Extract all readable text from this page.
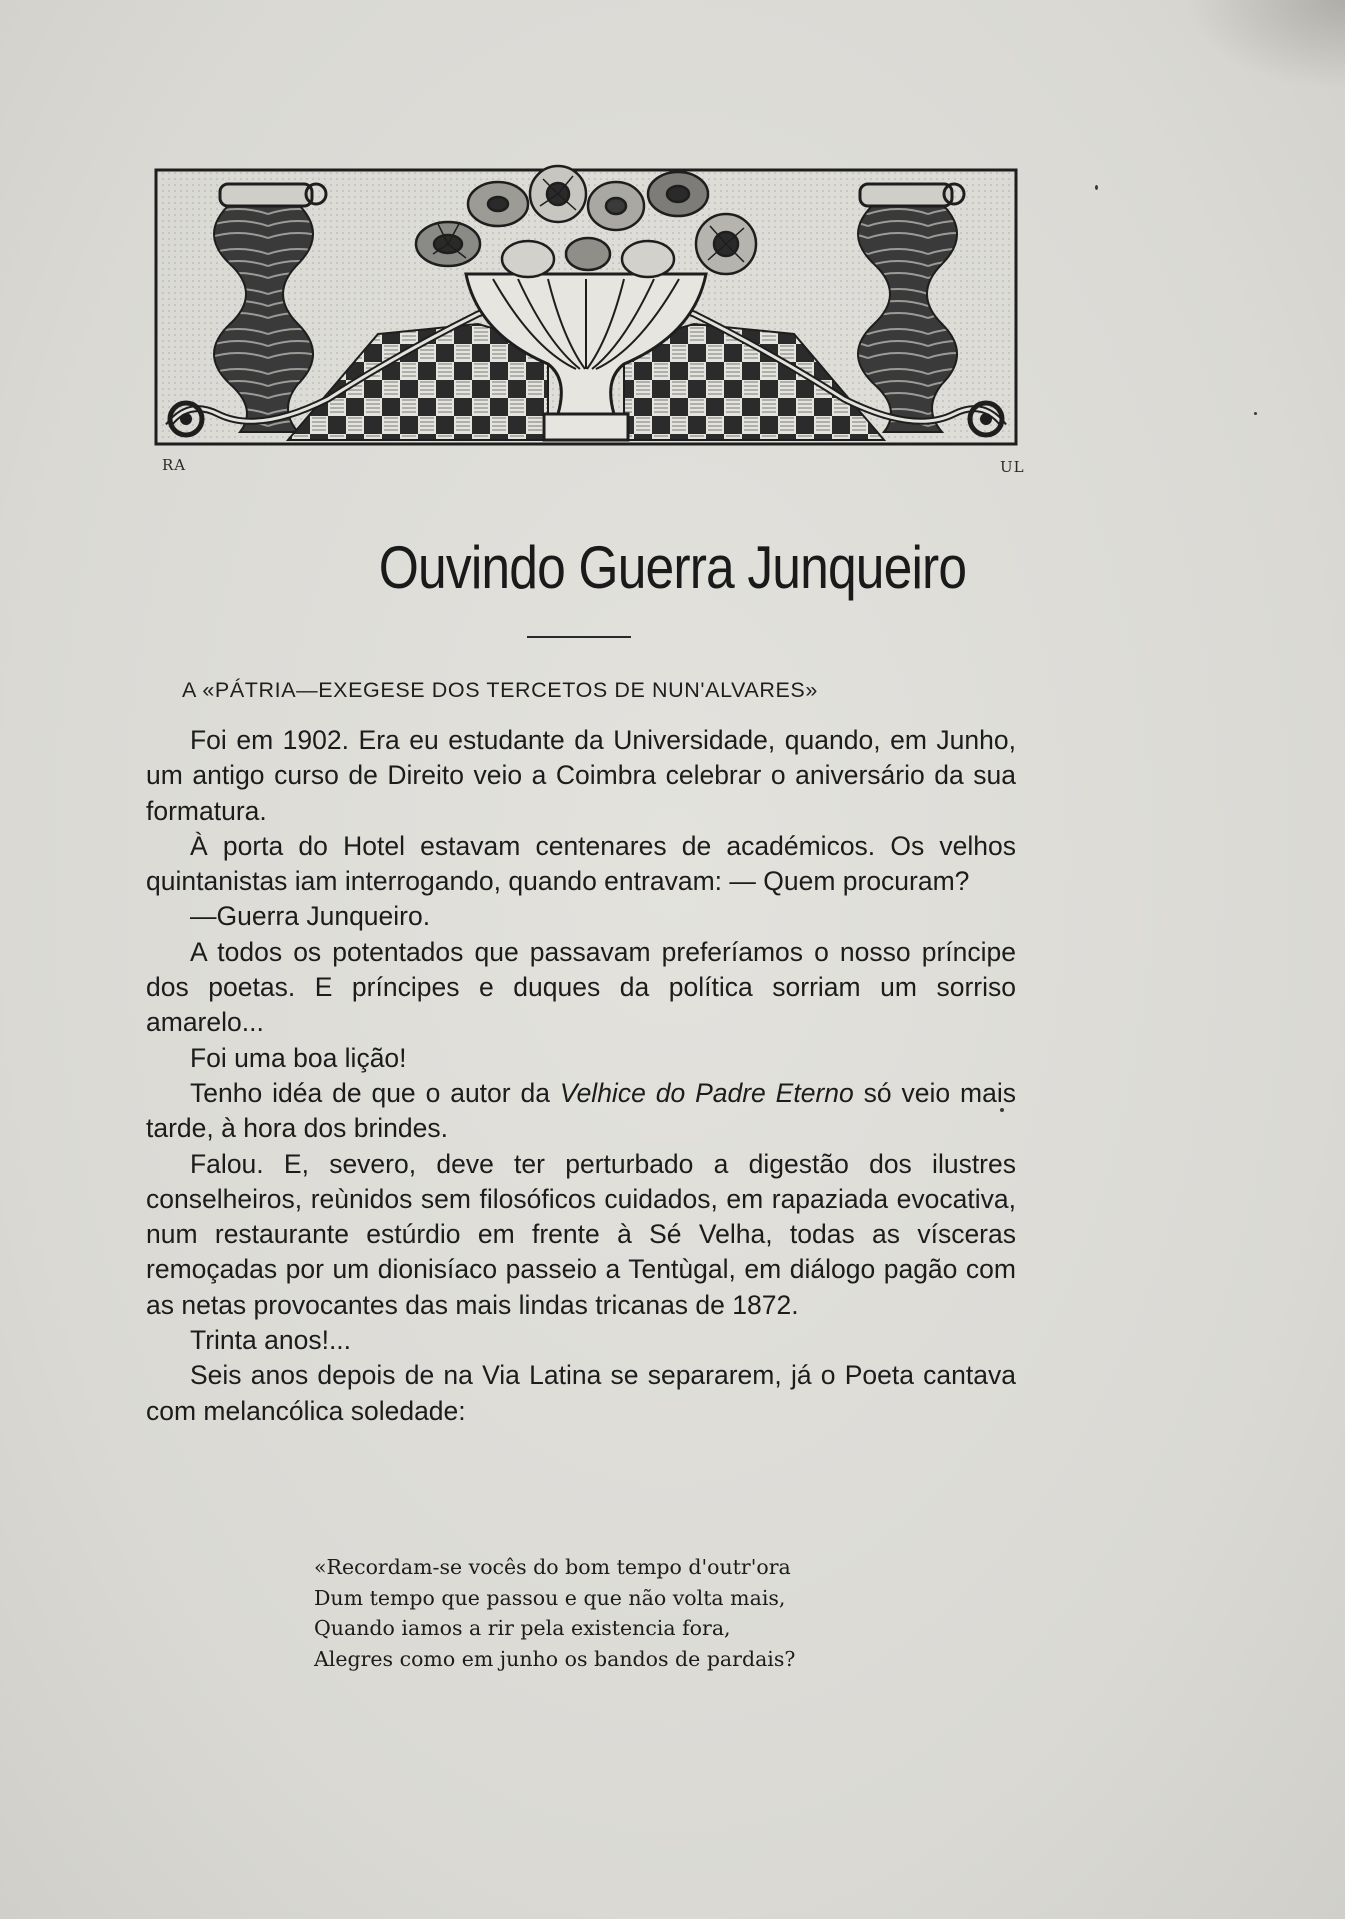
RA	UL
Ouvindo Guerra Junqueiro
A «PÁTRIA—EXEGESE DOS TERCETOS DE NUN'ALVARES»

Foi em 1902. Era eu estudante da Universidade, quando, em Junho, um antigo curso de Direito veio a Coimbra celebrar o aniversário da sua formatura.

À porta do Hotel estavam centenares de académicos. Os velhos quintanistas iam interrogando, quando entravam: — Quem procuram?

—Guerra Junqueiro.

A todos os potentados que passavam preferíamos o nosso príncipe dos poetas. E príncipes e duques da política sorriam um sorriso amarelo...

Foi uma boa lição!

Tenho idéa de que o autor da Velhice do Padre Eterno só veio mais tarde, à hora dos brindes.

Falou. E, severo, deve ter perturbado a digestão dos ilustres conselheiros, reùnidos sem filosóficos cuidados, em rapaziada evocativa, num restaurante estúrdio em frente à Sé Velha, todas as vísceras remoçadas por um dionisíaco passeio a Tentùgal, em diálogo pagão com as netas provocantes das mais lindas tricanas de 1872.

Trinta anos!...

Seis anos depois de na Via Latina se separarem, já o Poeta cantava com melancólica soledade:

«Recordam-se vocês do bom tempo d'outr'ora
Dum tempo que passou e que não volta mais,
Quando iamos a rir pela existencia fora,
Alegres como em junho os bandos de pardais?
